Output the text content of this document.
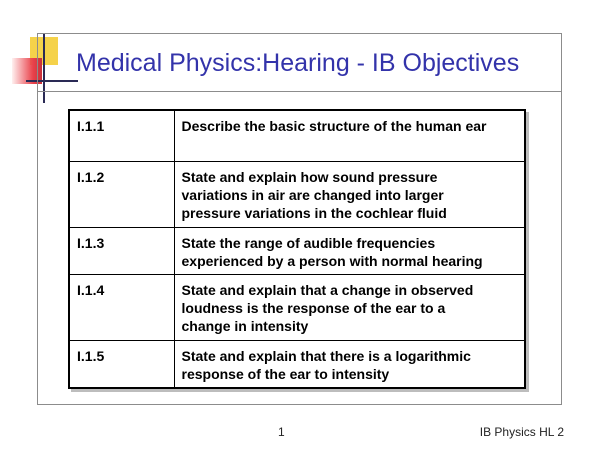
Medical Physics:Hearing - IB Objectives
I.1.1	Describe the basic structure of the human ear

I.1.2	State and explain how sound pressure
variations in air are changed into larger
pressure variations in the cochlear fluid

I.1.3	State the range of audible frequencies
experienced by a person with normal hearing

I.1.4	State and explain that a change in observed
loudness is the response of the ear to a
change in intensity

I.1.5	State and explain that there is a logarithmic
response of the ear to intensity
1	IB Physics HL 2
